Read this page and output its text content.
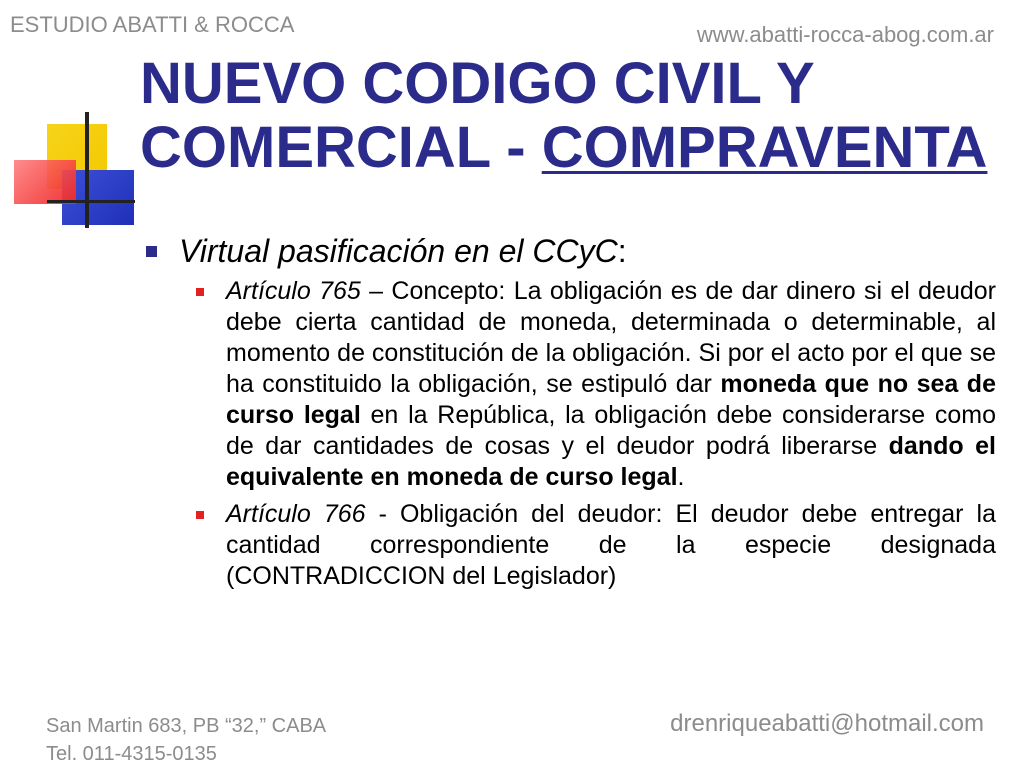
ESTUDIO ABATTI & ROCCA	www.abatti-rocca-abog.com.ar
NUEVO CODIGO CIVIL Y
COMERCIAL - COMPRAVENTA
Virtual pasificación en el CCyC:
Artículo 765 – Concepto: La obligación es de dar dinero si el deudor debe cierta cantidad de moneda, determinada o determinable, al momento de constitución de la obligación. Si por el acto por el que se ha constituido la obligación, se estipuló dar moneda que no sea de curso legal en la República, la obligación debe considerarse como de dar cantidades de cosas y el deudor podrá liberarse dando el equivalente en moneda de curso legal.
Artículo 766 - Obligación del deudor: El deudor debe entregar la cantidad correspondiente de la especie designada (CONTRADICCION del Legislador)
San Martin 683, PB “32,” CABA
Tel. 011-4315-0135
drenriqueabatti@hotmail.com
